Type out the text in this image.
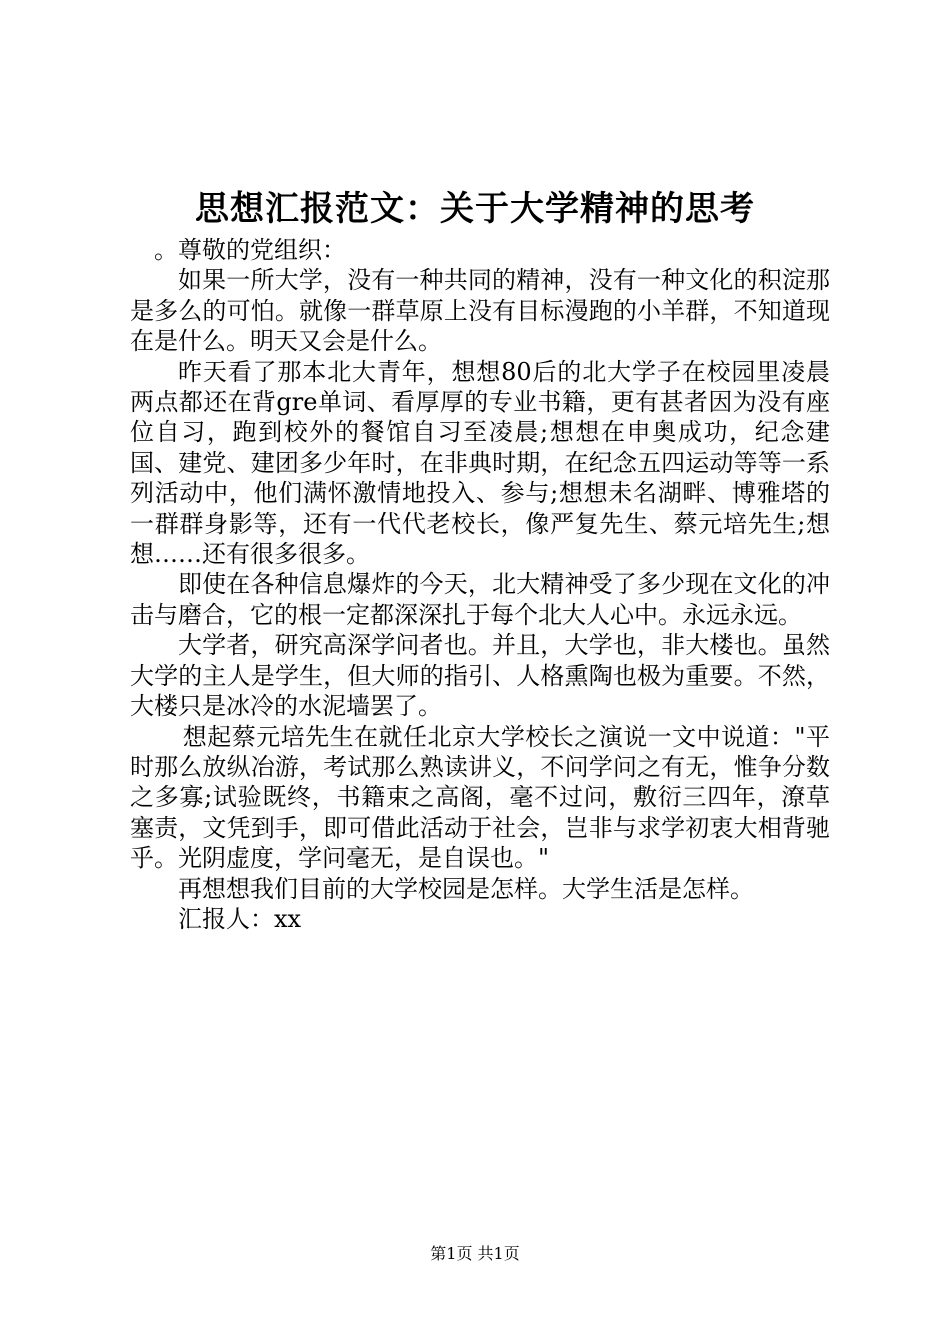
思想汇报范文：关于大学精神的思考

。尊敬的党组织：

如果一所大学，没有一种共同的精神，没有一种文化的积淀那是多么的可怕。就像一群草原上没有目标漫跑的小羊群，不知道现在是什么。明天又会是什么。

昨天看了那本北大青年，想想80后的北大学子在校园里凌晨两点都还在背gre单词、看厚厚的专业书籍，更有甚者因为没有座位自习，跑到校外的餐馆自习至凌晨;想想在申奥成功，纪念建国、建党、建团多少年时，在非典时期，在纪念五四运动等等一系列活动中，他们满怀激情地投入、参与;想想未名湖畔、博雅塔的一群群身影等，还有一代代老校长，像严复先生、蔡元培先生;想想……还有很多很多。

即使在各种信息爆炸的今天，北大精神受了多少现在文化的冲击与磨合，它的根一定都深深扎于每个北大人心中。永远永远。

大学者，研究高深学问者也。并且，大学也，非大楼也。虽然大学的主人是学生，但大师的指引、人格熏陶也极为重要。不然，大楼只是冰冷的水泥墙罢了。

想起蔡元培先生在就任北京大学校长之演说一文中说道："平时那么放纵冶游，考试那么熟读讲义，不问学问之有无，惟争分数之多寡;试验既终，书籍束之高阁，毫不过问，敷衍三四年，潦草塞责，文凭到手，即可借此活动于社会，岂非与求学初衷大相背驰乎。光阴虚度，学问毫无，是自误也。"

再想想我们目前的大学校园是怎样。大学生活是怎样。

汇报人：xx

第1页 共1页
